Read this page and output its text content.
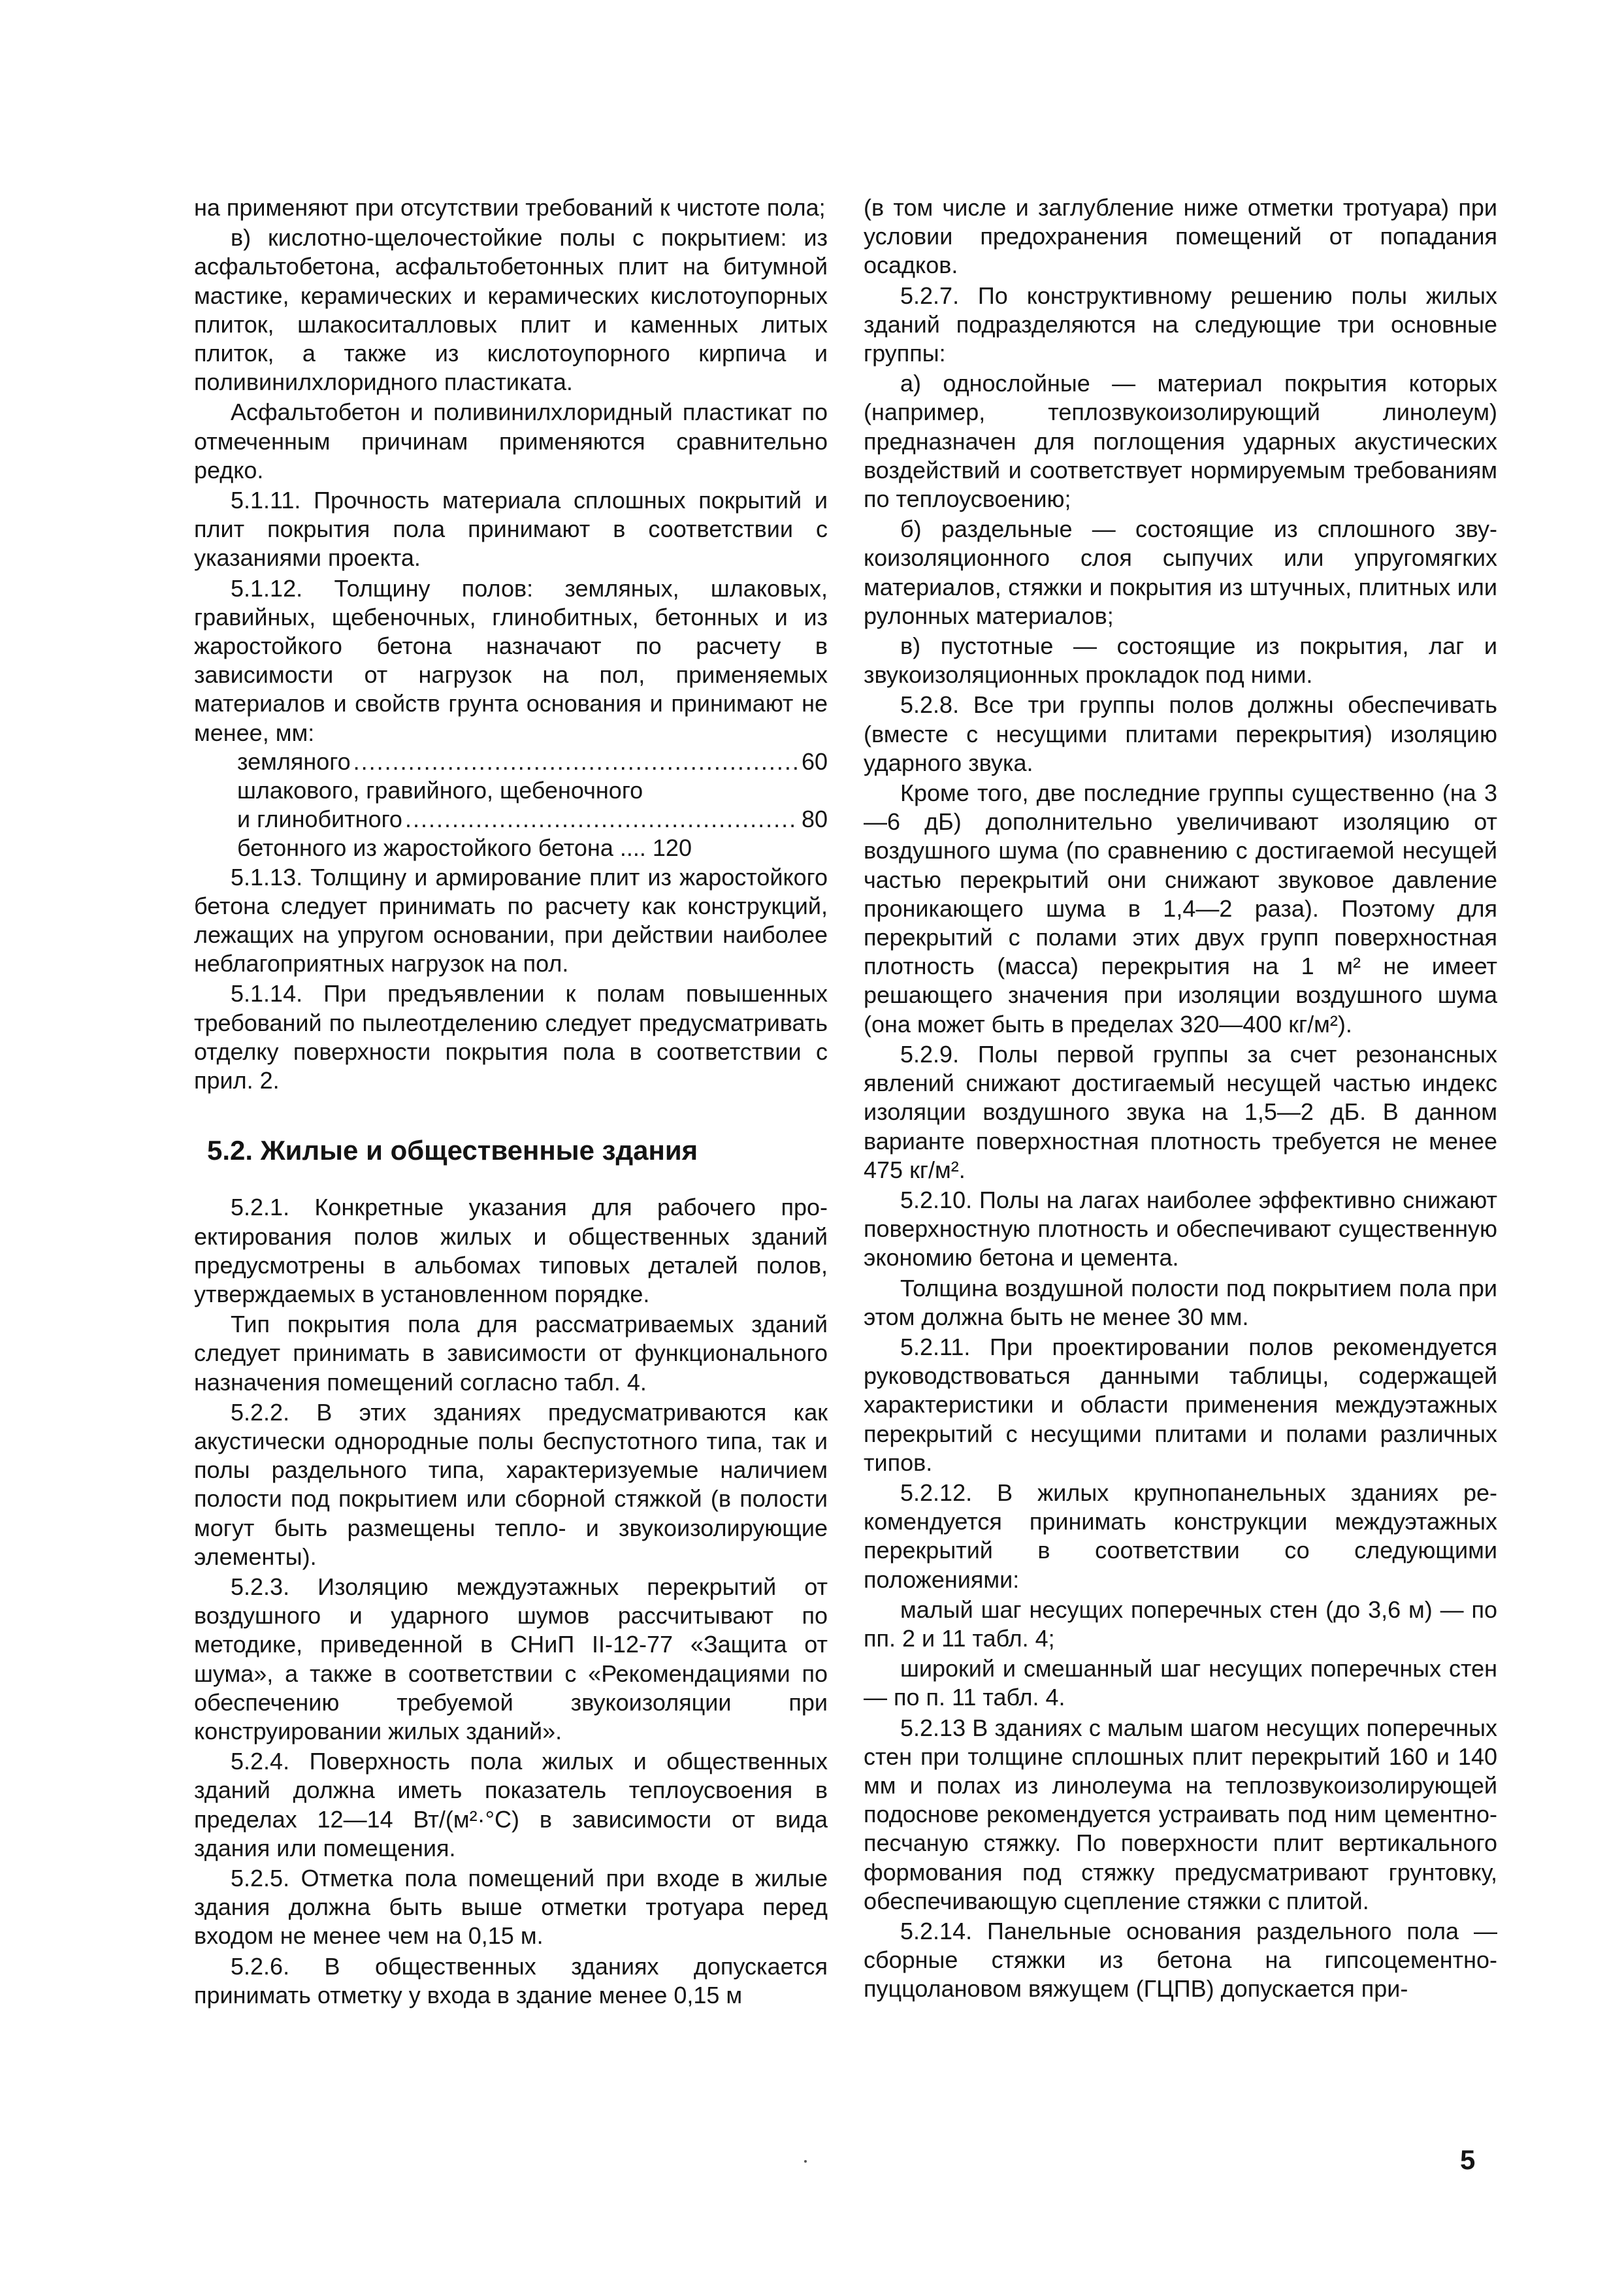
на применяют при отсутствии требований к чистоте пола;

в) кислотно-щелочестойкие полы с покрытием: из асфальтобетона, асфальтобетонных плит на битумной мастике, керамических и керамических кислотоупорных плиток, шлакоситалловых плит и каменных литых плиток, а также из кислотоупорного кирпича и поливинилхлоридного пластиката.

Асфальтобетон и поливинилхлоридный пластикат по отмеченным причинам применяются сравнительно редко.

5.1.11. Прочность материала сплошных покрытий и плит покрытия пола принимают в соответствии с указаниями проекта.

5.1.12. Толщину полов: земляных, шлаковых, гравийных, щебеночных, глинобитных, бетонных и из жаростойкого бетона назначают по расчету в зависимости от нагрузок на пол, применяемых материалов и свойств грунта основания и принимают не менее, мм:

земляного . . .	60
шлакового, гравийного, щебеночного
и глинобитного . . .	80
бетонного из жаростойкого бетона .... 120

5.1.13. Толщину и армирование плит из жаростойкого бетона следует принимать по расчету как конструкций, лежащих на упругом основании, при действии наиболее неблагоприятных нагрузок на пол.

5.1.14. При предъявлении к полам повышенных требований по пылеотделению следует предусматривать отделку поверхности покрытия пола в соответствии с прил. 2.

5.2. Жилые и общественные здания

5.2.1. Конкретные указания для рабочего проектирования полов жилых и общественных зданий предусмотрены в альбомах типовых деталей полов, утверждаемых в установленном порядке.

Тип покрытия пола для рассматриваемых зданий следует принимать в зависимости от функционального назначения помещений согласно табл. 4.

5.2.2. В этих зданиях предусматриваются как акустически однородные полы беспустотного типа, так и полы раздельного типа, характеризуемые наличием полости под покрытием или сборной стяжкой (в полости могут быть размещены тепло- и звукоизолирующие элементы).

5.2.3. Изоляцию междуэтажных перекрытий от воздушного и ударного шумов рассчитывают по методике, приведенной в СНиП II-12-77 «Защита от шума», а также в соответствии с «Рекомендациями по обеспечению требуемой звукоизоляции при конструировании жилых зданий».

5.2.4. Поверхность пола жилых и общественных зданий должна иметь показатель теплоусвоения в пределах 12—14 Вт/(м²·°С) в зависимости от вида здания или помещения.

5.2.5. Отметка пола помещений при входе в жилые здания должна быть выше отметки тротуара перед входом не менее чем на 0,15 м.

5.2.6. В общественных зданиях допускается принимать отметку у входа в здание менее 0,15 м

(в том числе и заглубление ниже отметки тротуара) при условии предохранения помещений от попадания осадков.

5.2.7. По конструктивному решению полы жилых зданий подразделяются на следующие три основные группы:

а) однослойные — материал покрытия которых (например, теплозвукоизолирующий линолеум) предназначен для поглощения ударных акустических воздействий и соответствует нормируемым требованиям по теплоусвоению;

б) раздельные — состоящие из сплошного звукоизоляционного слоя сыпучих или упругомягких материалов, стяжки и покрытия из штучных, плитных или рулонных материалов;

в) пустотные — состоящие из покрытия, лаг и звукоизоляционных прокладок под ними.

5.2.8. Все три группы полов должны обеспечивать (вместе с несущими плитами перекрытия) изоляцию ударного звука.

Кроме того, две последние группы существенно (на 3—6 дБ) дополнительно увеличивают изоляцию от воздушного шума (по сравнению с достигаемой несущей частью перекрытий они снижают звуковое давление проникающего шума в 1,4—2 раза). Поэтому для перекрытий с полами этих двух групп поверхностная плотность (масса) перекрытия на 1 м² не имеет решающего значения при изоляции воздушного шума (она может быть в пределах 320—400 кг/м²).

5.2.9. Полы первой группы за счет резонансных явлений снижают достигаемый несущей частью индекс изоляции воздушного звука на 1,5—2 дБ. В данном варианте поверхностная плотность требуется не менее 475 кг/м².

5.2.10. Полы на лагах наиболее эффективно снижают поверхностную плотность и обеспечивают существенную экономию бетона и цемента.

Толщина воздушной полости под покрытием пола при этом должна быть не менее 30 мм.

5.2.11. При проектировании полов рекомендуется руководствоваться данными таблицы, содержащей характеристики и области применения междуэтажных перекрытий с несущими плитами и полами различных типов.

5.2.12. В жилых крупнопанельных зданиях рекомендуется принимать конструкции междуэтажных перекрытий в соответствии со следующими положениями:

малый шаг несущих поперечных стен (до 3,6 м) — по пп. 2 и 11 табл. 4;

широкий и смешанный шаг несущих поперечных стен — по п. 11 табл. 4.

5.2.13 В зданиях с малым шагом несущих поперечных стен при толщине сплошных плит перекрытий 160 и 140 мм и полах из линолеума на теплозвукоизолирующей подоснове рекомендуется устраивать под ним цементно-песчаную стяжку. По поверхности плит вертикального формования под стяжку предусматривают грунтовку, обеспечивающую сцепление стяжки с плитой.

5.2.14. Панельные основания раздельного пола — сборные стяжки из бетона на гипсоцементно-пуццолановом вяжущем (ГЦПВ) допускается при-

5
